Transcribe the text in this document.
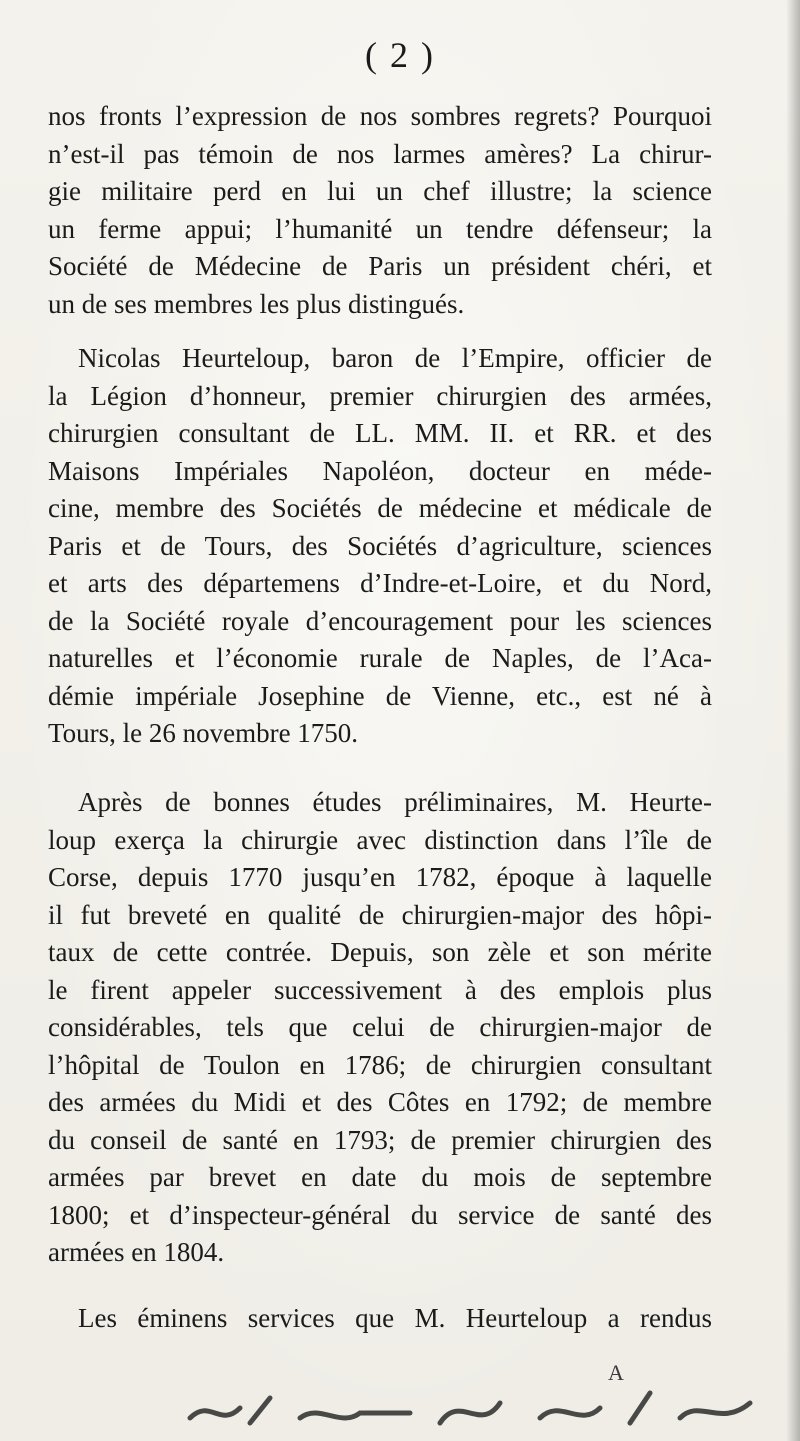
( 2 )
nos fronts l’expression de nos sombres regrets? Pourquoi
n’est-il pas témoin de nos larmes amères? La chirur-
gie militaire perd en lui un chef illustre; la science
un ferme appui; l’humanité un tendre défenseur; la
Société de Médecine de Paris un président chéri, et
un de ses membres les plus distingués.
Nicolas Heurteloup, baron de l’Empire, officier de
la Légion d’honneur, premier chirurgien des armées,
chirurgien consultant de LL. MM. II. et RR. et des
Maisons Impériales Napoléon, docteur en méde-
cine, membre des Sociétés de médecine et médicale de
Paris et de Tours, des Sociétés d’agriculture, sciences
et arts des départemens d’Indre-et-Loire, et du Nord,
de la Société royale d’encouragement pour les sciences
naturelles et l’économie rurale de Naples, de l’Aca-
démie impériale Josephine de Vienne, etc., est né à
Tours, le 26 novembre 1750.
Après de bonnes études préliminaires, M. Heurte-
loup exerça la chirurgie avec distinction dans l’île de
Corse, depuis 1770 jusqu’en 1782, époque à laquelle
il fut breveté en qualité de chirurgien-major des hôpi-
taux de cette contrée. Depuis, son zèle et son mérite
le firent appeler successivement à des emplois plus
considérables, tels que celui de chirurgien-major de
l’hôpital de Toulon en 1786; de chirurgien consultant
des armées du Midi et des Côtes en 1792; de membre
du conseil de santé en 1793; de premier chirurgien des
armées par brevet en date du mois de septembre
1800; et d’inspecteur-général du service de santé des
armées en 1804.
Les éminens services que M. Heurteloup a rendus
A
